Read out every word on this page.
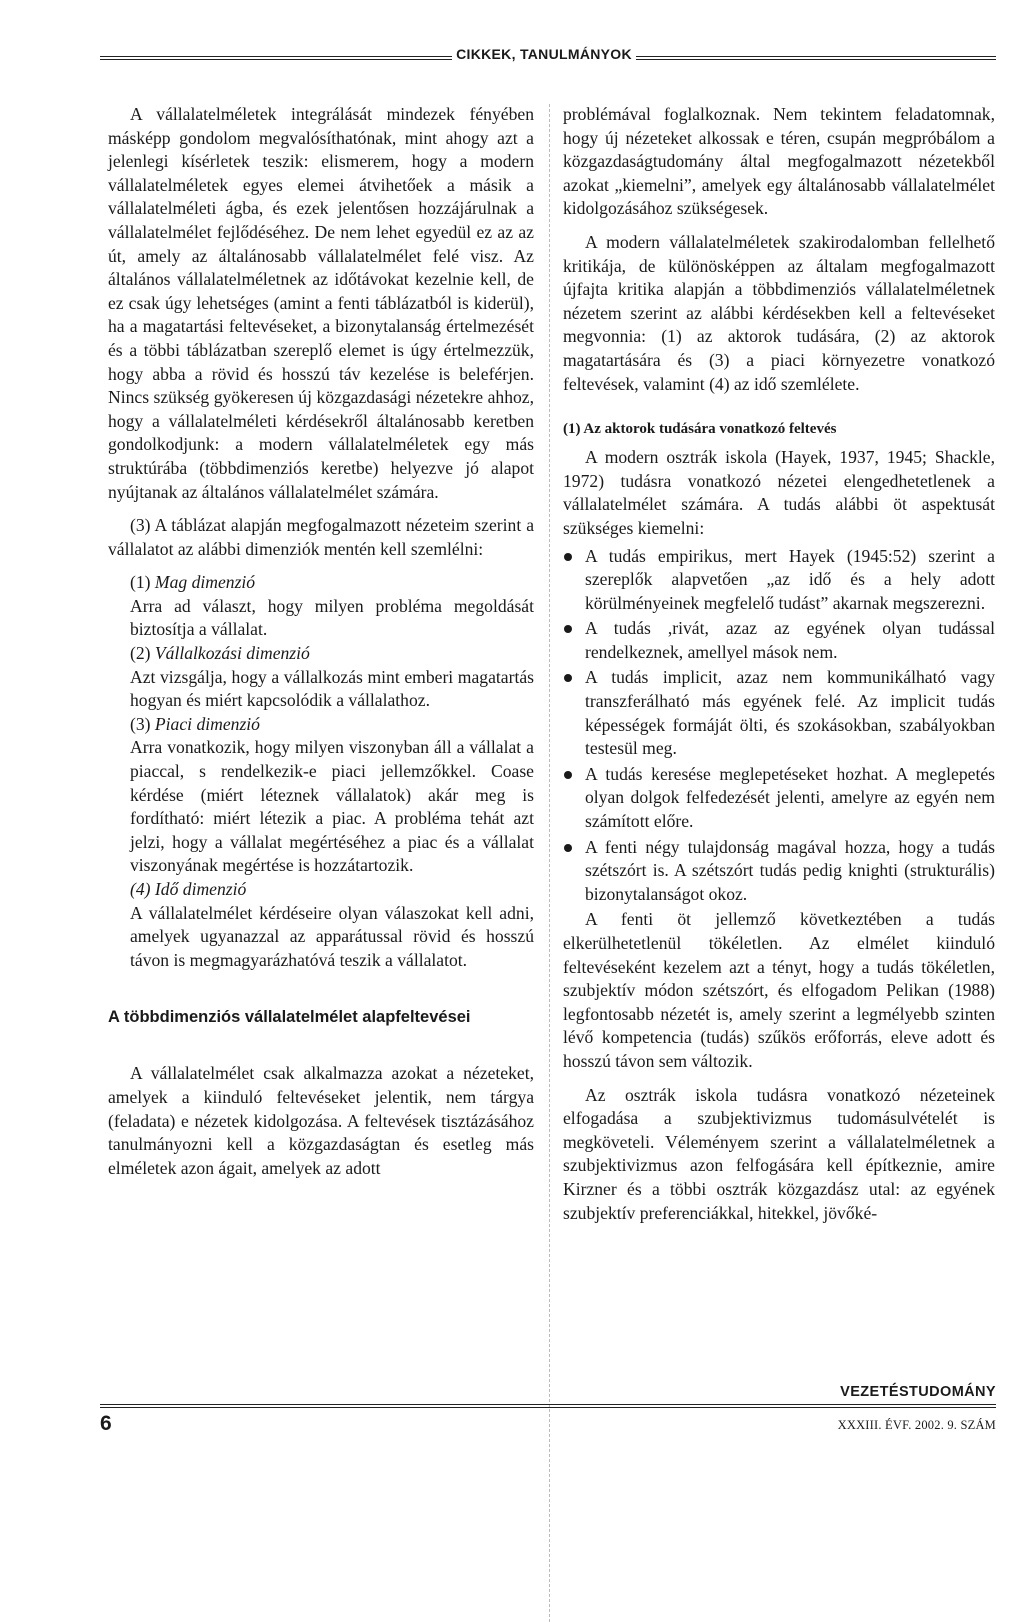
CIKKEK, TANULMÁNYOK

A vállalatelméletek integrálását mindezek fényében másképp gondolom megvalósíthatónak, mint ahogy azt a jelenlegi kísérletek teszik: elismerem, hogy a modern vállalatelméletek egyes elemei átvihetőek a másik a vállalatelméleti ágba, és ezek jelentősen hozzájárulnak a vállalatelmélet fejlődéséhez. De nem lehet egyedül ez az az út, amely az általánosabb vállalatelmélet felé visz. Az általános vállalatelméletnek az időtávokat kezelnie kell, de ez csak úgy lehetséges (amint a fenti táblázatból is kiderül), ha a magatartási feltevéseket, a bizonytalanság értelmezését és a többi táblázatban szereplő elemet is úgy értelmezzük, hogy abba a rövid és hosszú táv kezelése is beleférjen. Nincs szükség gyökeresen új közgazdasági nézetekre ahhoz, hogy a vállalatelméleti kérdésekről általánosabb keretben gondolkodjunk: a modern vállalatelméletek egy más struktúrába (többdimenziós keretbe) helyezve jó alapot nyújtanak az általános vállalatelmélet számára.

(3) A táblázat alapján megfogalmazott nézeteim szerint a vállalatot az alábbi dimenziók mentén kell szemlélni:

(1) Mag dimenzió

Arra ad választ, hogy milyen probléma megoldását biztosítja a vállalat.

(2) Vállalkozási dimenzió

Azt vizsgálja, hogy a vállalkozás mint emberi magatartás hogyan és miért kapcsolódik a vállalathoz.

(3) Piaci dimenzió

Arra vonatkozik, hogy milyen viszonyban áll a vállalat a piaccal, s rendelkezik-e piaci jellemzőkkel. Coase kérdése (miért léteznek vállalatok) akár meg is fordítható: miért létezik a piac. A probléma tehát azt jelzi, hogy a vállalat megértéséhez a piac és a vállalat viszonyának megértése is hozzátartozik.

(4) Idő dimenzió

A vállalatelmélet kérdéseire olyan válaszokat kell adni, amelyek ugyanazzal az apparátussal rövid és hosszú távon is megmagyarázhatóvá teszik a vállalatot.

A többdimenziós vállalatelmélet alapfeltevései

A vállalatelmélet csak alkalmazza azokat a nézeteket, amelyek a kiinduló feltevéseket jelentik, nem tárgya (feladata) e nézetek kidolgozása. A feltevések tisztázásához tanulmányozni kell a közgazdaságtan és esetleg más elméletek azon ágait, amelyek az adott

problémával foglalkoznak. Nem tekintem feladatomnak, hogy új nézeteket alkossak e téren, csupán megpróbálom a közgazdaságtudomány által megfogalmazott nézetekből azokat „kiemelni”, amelyek egy általánosabb vállalatelmélet kidolgozásához szükségesek.

A modern vállalatelméletek szakirodalomban fellelhető kritikája, de különösképpen az általam megfogalmazott újfajta kritika alapján a többdimenziós vállalatelméletnek nézetem szerint az alábbi kérdésekben kell a feltevéseket megvonnia: (1) az aktorok tudására, (2) az aktorok magatartására és (3) a piaci környezetre vonatkozó feltevések, valamint (4) az idő szemlélete.

(1) Az aktorok tudására vonatkozó feltevés

A modern osztrák iskola (Hayek, 1937, 1945; Shackle, 1972) tudásra vonatkozó nézetei elengedhetetlenek a vállalatelmélet számára. A tudás alábbi öt aspektusát szükséges kiemelni:

A tudás empirikus, mert Hayek (1945:52) szerint a szereplők alapvetően „az idő és a hely adott körülményeinek megfelelő tudást” akarnak megszerezni.
A tudás ,rivát, azaz az egyének olyan tudással rendelkeznek, amellyel mások nem.
A tudás implicit, azaz nem kommunikálható vagy transzferálható más egyének felé. Az implicit tudás képességek formáját ölti, és szokásokban, szabályokban testesül meg.
A tudás keresése meglepetéseket hozhat. A meglepetés olyan dolgok felfedezését jelenti, amelyre az egyén nem számított előre.
A fenti négy tulajdonság magával hozza, hogy a tudás szétszórt is. A szétszórt tudás pedig knighti (strukturális) bizonytalanságot okoz.

A fenti öt jellemző következtében a tudás elkerülhetetlenül tökéletlen. Az elmélet kiinduló feltevéseként kezelem azt a tényt, hogy a tudás tökéletlen, szubjektív módon szétszórt, és elfogadom Pelikan (1988) legfontosabb nézetét is, amely szerint a legmélyebb szinten lévő kompetencia (tudás) szűkös erőforrás, eleve adott és hosszú távon sem változik.

Az osztrák iskola tudásra vonatkozó nézeteinek elfogadása a szubjektivizmus tudomásulvételét is megköveteli. Véleményem szerint a vállalatelméletnek a szubjektivizmus azon felfogására kell építkeznie, amire Kirzner és a többi osztrák közgazdász utal: az egyének szubjektív preferenciákkal, hitekkel, jövőké-

VEZETÉSTUDOMÁNY
6	XXXIII. ÉVF. 2002. 9. SZÁM
